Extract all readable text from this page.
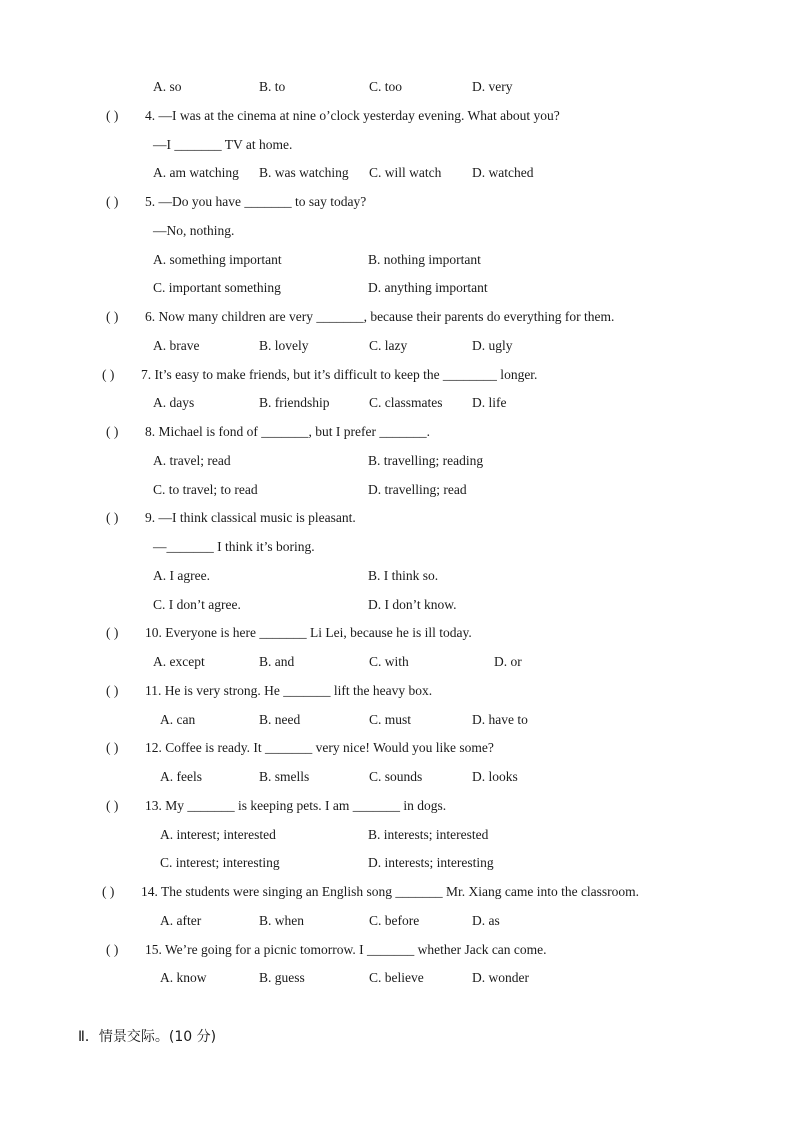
A. so	B. to	C. too	D. very
( ) 4. —I was at the cinema at nine o’clock yesterday evening. What about you?
—I _______ TV at home.
A. am watching B. was watching C. will watch D. watched
( ) 5. —Do you have _______ to say today?
—No, nothing.
A. something important	B. nothing important
C. important something	D. anything important
( ) 6. Now many children are very _______, because their parents do everything for them.
A. brave	B. lovely	C. lazy	D. ugly
( ) 7. It’s easy to make friends, but it’s difficult to keep the ________ longer.
A. days	B. friendship	C. classmates D. life
( ) 8. Michael is fond of _______, but I prefer _______.
A. travel; read	B. travelling; reading
C. to travel; to read	D. travelling; read
( ) 9. —I think classical music is pleasant.
—_______ I think it’s boring.
A. I agree.	B. I think so.
C. I don’t agree.	D. I don’t know.
( ) 10. Everyone is here _______ Li Lei, because he is ill today.
A. except	B. and	C. with	D. or
( ) 11. He is very strong. He _______ lift the heavy box.
A. can	B. need	C. must	D. have to
( ) 12. Coffee is ready. It _______ very nice! Would you like some?
A. feels	B. smells	C. sounds	D. looks
( ) 13. My _______ is keeping pets. I am _______ in dogs.
A. interest; interested	B. interests; interested
C. interest; interesting	D. interests; interesting
( ) 14. The students were singing an English song _______ Mr. Xiang came into the classroom.
A. after	B. when	C. before	D. as
( ) 15. We’re going for a picnic tomorrow. I _______ whether Jack can come.
A. know	B. guess	C. believe	D. wonder
Ⅱ．情景交际。(10 分)
